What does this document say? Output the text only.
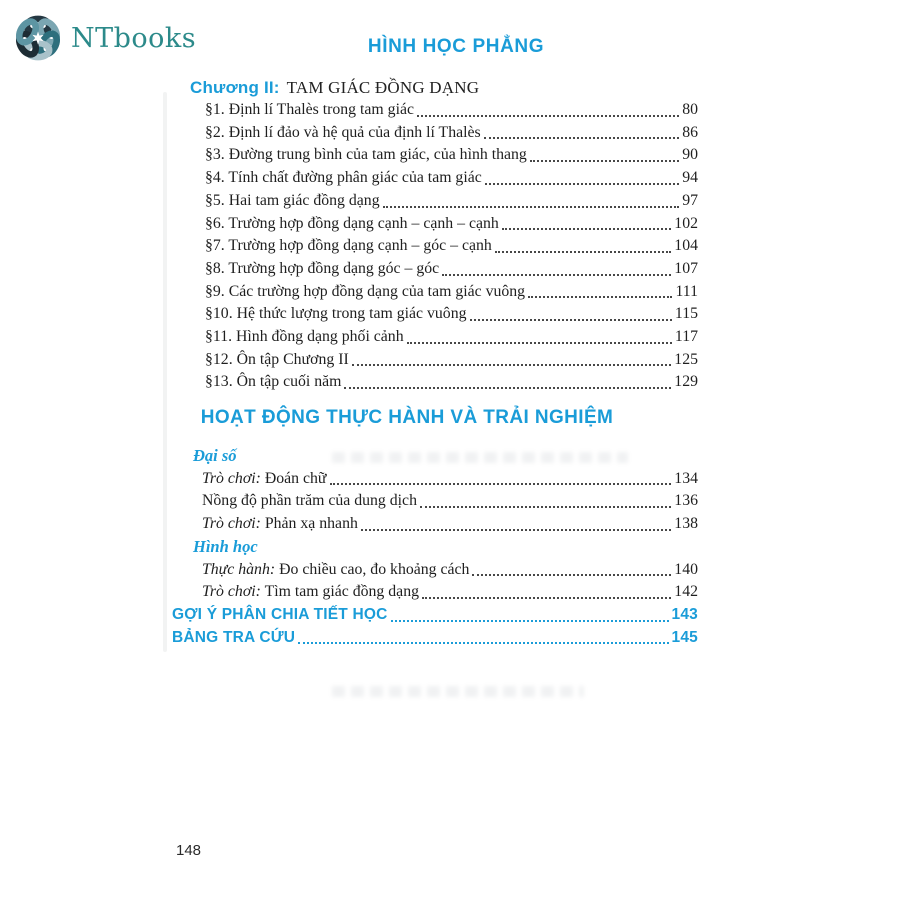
NTbooks	HÌNH HỌC PHẲNG
Chương II: TAM GIÁC ĐỒNG DẠNG
§1. Định lí Thalès trong tam giác	80
§2. Định lí đảo và hệ quả của định lí Thalès	86
§3. Đường trung bình của tam giác, của hình thang	90
§4. Tính chất đường phân giác của tam giác	94
§5. Hai tam giác đồng dạng	97
§6. Trường hợp đồng dạng cạnh – cạnh – cạnh	102
§7. Trường hợp đồng dạng cạnh – góc – cạnh	104
§8. Trường hợp đồng dạng góc – góc	107
§9. Các trường hợp đồng dạng của tam giác vuông	111
§10. Hệ thức lượng trong tam giác vuông	115
§11. Hình đồng dạng phối cảnh	117
§12. Ôn tập Chương II	125
§13. Ôn tập cuối năm	129
HOẠT ĐỘNG THỰC HÀNH VÀ TRẢI NGHIỆM
Đại số
Trò chơi: Đoán chữ	134
Nồng độ phần trăm của dung dịch	136
Trò chơi: Phản xạ nhanh	138
Hình học
Thực hành: Đo chiều cao, đo khoảng cách	140
Trò chơi: Tìm tam giác đồng dạng	142
GỢI Ý PHÂN CHIA TIẾT HỌC	143
BẢNG TRA CỨU	145
148
